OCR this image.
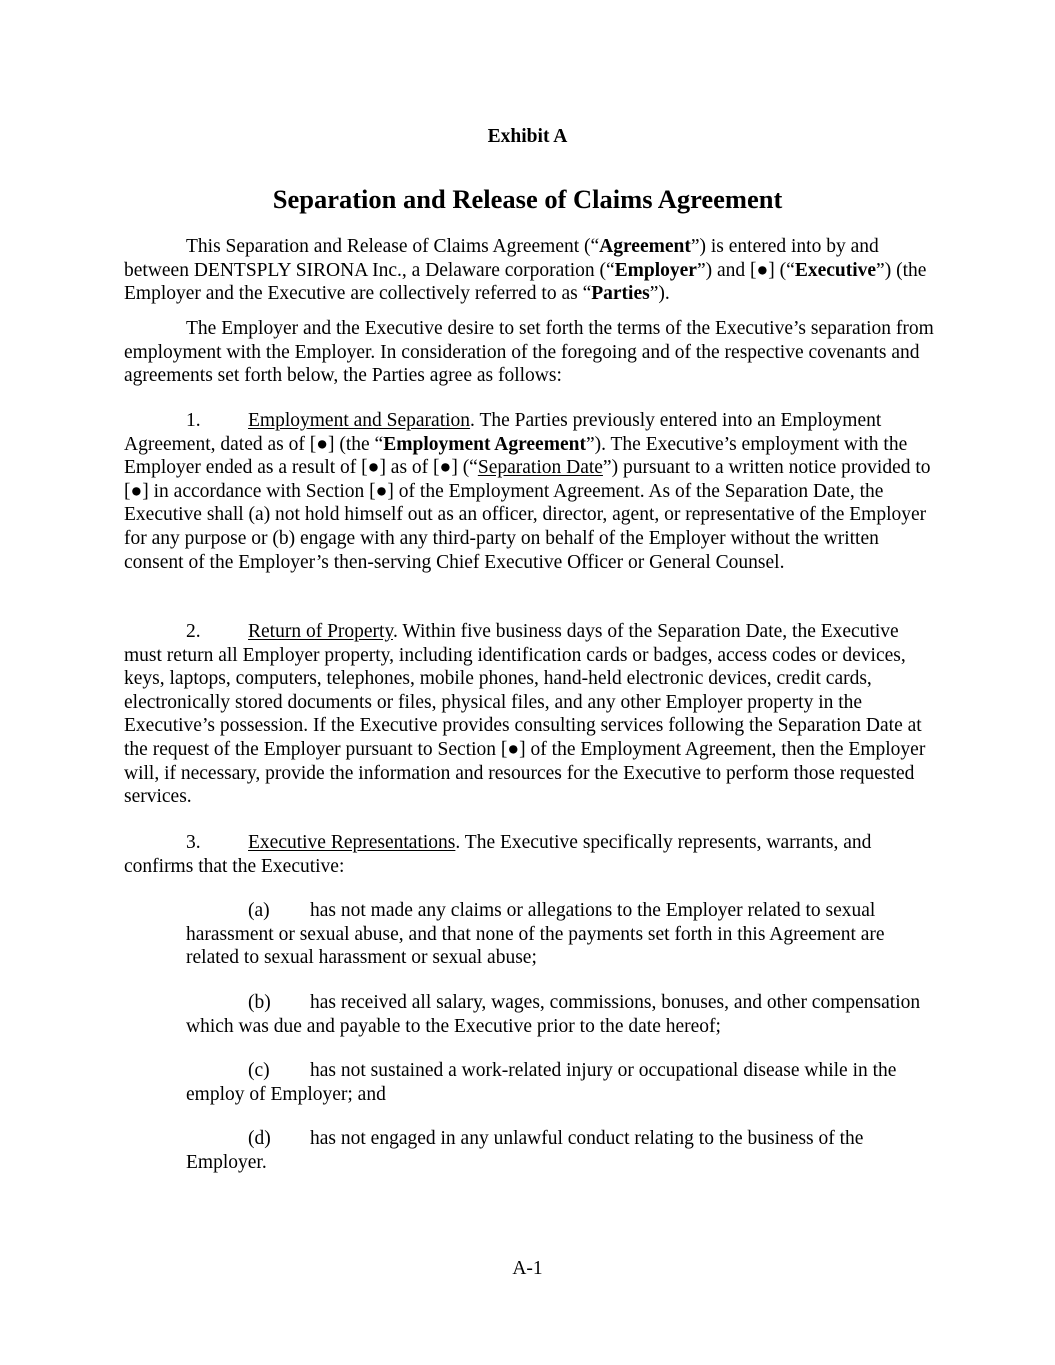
Exhibit A
Separation and Release of Claims Agreement

This Separation and Release of Claims Agreement (“Agreement”) is entered into by and between DENTSPLY SIRONA Inc., a Delaware corporation (“Employer”) and [●] (“Executive”) (the Employer and the Executive are collectively referred to as “Parties”).

The Employer and the Executive desire to set forth the terms of the Executive’s separation from employment with the Employer. In consideration of the foregoing and of the respective covenants and agreements set forth below, the Parties agree as follows:

1. Employment and Separation. The Parties previously entered into an Employment Agreement, dated as of [●] (the “Employment Agreement”). The Executive’s employment with the Employer ended as a result of [●] as of [●] (“Separation Date”) pursuant to a written notice provided to [●] in accordance with Section [●] of the Employment Agreement. As of the Separation Date, the Executive shall (a) not hold himself out as an officer, director, agent, or representative of the Employer for any purpose or (b) engage with any third-party on behalf of the Employer without the written consent of the Employer’s then-serving Chief Executive Officer or General Counsel.

2. Return of Property. Within five business days of the Separation Date, the Executive must return all Employer property, including identification cards or badges, access codes or devices, keys, laptops, computers, telephones, mobile phones, hand-held electronic devices, credit cards, electronically stored documents or files, physical files, and any other Employer property in the Executive’s possession. If the Executive provides consulting services following the Separation Date at the request of the Employer pursuant to Section [●] of the Employment Agreement, then the Employer will, if necessary, provide the information and resources for the Executive to perform those requested services.

3. Executive Representations. The Executive specifically represents, warrants, and confirms that the Executive:

(a) has not made any claims or allegations to the Employer related to sexual harassment or sexual abuse, and that none of the payments set forth in this Agreement are related to sexual harassment or sexual abuse;

(b) has received all salary, wages, commissions, bonuses, and other compensation which was due and payable to the Executive prior to the date hereof;

(c) has not sustained a work-related injury or occupational disease while in the employ of Employer; and

(d) has not engaged in any unlawful conduct relating to the business of the Employer.

A-1
